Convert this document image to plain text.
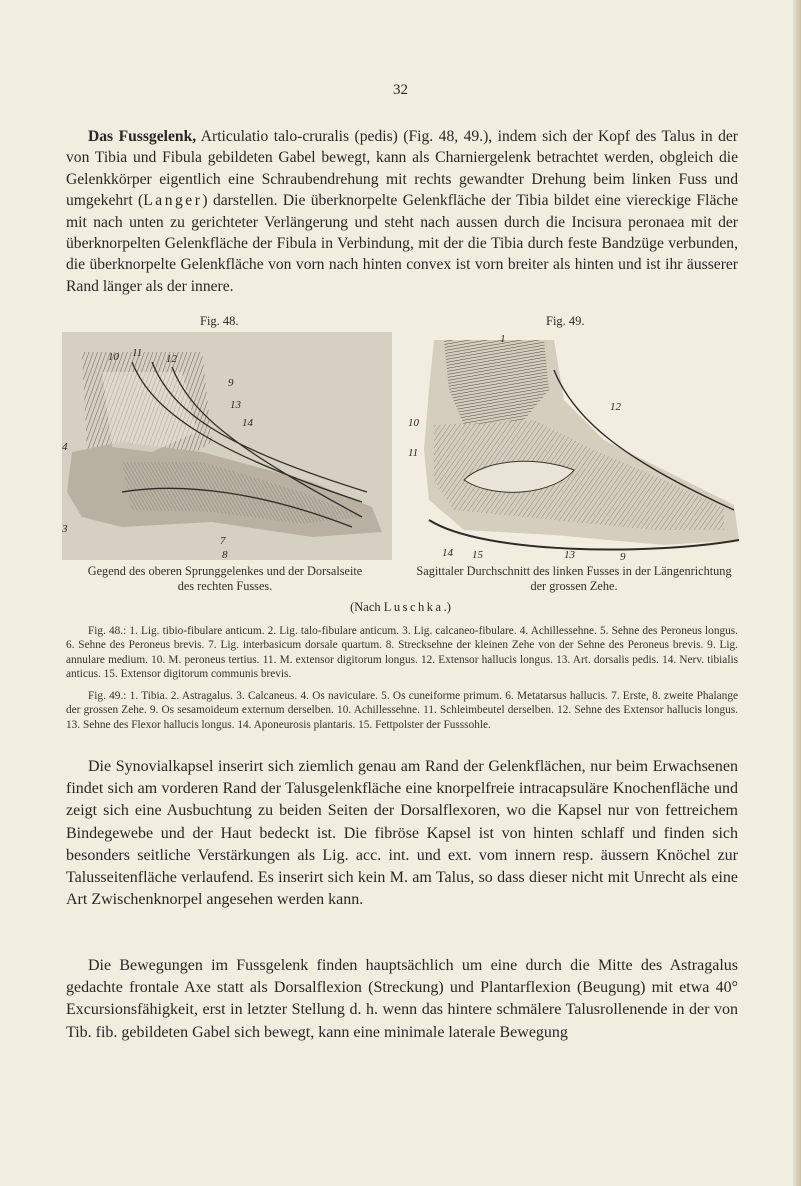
32

Das Fussgelenk, Articulatio talo-cruralis (pedis) (Fig. 48, 49.), indem sich der Kopf des Talus in der von Tibia und Fibula gebildeten Gabel bewegt, kann als Charniergelenk betrachtet werden, obgleich die Gelenkkörper eigentlich eine Schraubendrehung mit rechts gewandter Drehung beim linken Fuss und umgekehrt (Langer) darstellen. Die überknorpelte Gelenkfläche der Tibia bildet eine viereckige Fläche mit nach unten zu gerichteter Verlängerung und steht nach aussen durch die Incisura peronaea mit der überknorpelten Gelenkfläche der Fibula in Verbindung, mit der die Tibia durch feste Bandzüge verbunden, die überknorpelte Gelenkfläche von vorn nach hinten convex ist vorn breiter als hinten und ist ihr äusserer Rand länger als der innere.

Fig. 48.	Fig. 49.
10 11 12
9
13
14
4
3
7
8
1
12
10
11
14 15	13	9
Gegend des oberen Sprunggelenkes und der Dorsalseite
des rechten Fusses.
Sagittaler Durchschnitt des linken Fusses in der Längenrichtung
der grossen Zehe.
(Nach Luschka.)

Fig. 48.: 1. Lig. tibio-fibulare anticum. 2. Lig. talo-fibulare anticum. 3. Lig. calcaneo-fibulare. 4. Achillessehne. 5. Sehne des Peroneus longus. 6. Sehne des Peroneus brevis. 7. Lig. interbasicum dorsale quartum. 8. Strecksehne der kleinen Zehe von der Sehne des Peroneus brevis. 9. Lig. annulare medium. 10. M. peroneus tertius. 11. M. extensor digitorum longus. 12. Extensor hallucis longus. 13. Art. dorsalis pedis. 14. Nerv. tibialis anticus. 15. Extensor digitorum communis brevis.

Fig. 49.: 1. Tibia. 2. Astragalus. 3. Calcaneus. 4. Os naviculare. 5. Os cuneiforme primum. 6. Metatarsus hallucis. 7. Erste, 8. zweite Phalange der grossen Zehe. 9. Os sesamoideum externum derselben. 10. Achillessehne. 11. Schleimbeutel derselben. 12. Sehne des Extensor hallucis longus. 13. Sehne des Flexor hallucis longus. 14. Aponeurosis plantaris. 15. Fettpolster der Fusssohle.

Die Synovialkapsel inserirt sich ziemlich genau am Rand der Gelenkflächen, nur beim Erwachsenen findet sich am vorderen Rand der Talusgelenkfläche eine knorpelfreie intracapsuläre Knochenfläche und zeigt sich eine Ausbuchtung zu beiden Seiten der Dorsalflexoren, wo die Kapsel nur von fettreichem Bindegewebe und der Haut bedeckt ist. Die fibröse Kapsel ist von hinten schlaff und finden sich besonders seitliche Verstärkungen als Lig. acc. int. und ext. vom innern resp. äussern Knöchel zur Talusseitenfläche verlaufend. Es inserirt sich kein M. am Talus, so dass dieser nicht mit Unrecht als eine Art Zwischenknorpel angesehen werden kann.

Die Bewegungen im Fussgelenk finden hauptsächlich um eine durch die Mitte des Astragalus gedachte frontale Axe statt als Dorsalflexion (Streckung) und Plantarflexion (Beugung) mit etwa 40° Excursionsfähigkeit, erst in letzter Stellung d. h. wenn das hintere schmälere Talusrollenende in der von Tib. fib. gebildeten Gabel sich bewegt, kann eine minimale laterale Bewegung
